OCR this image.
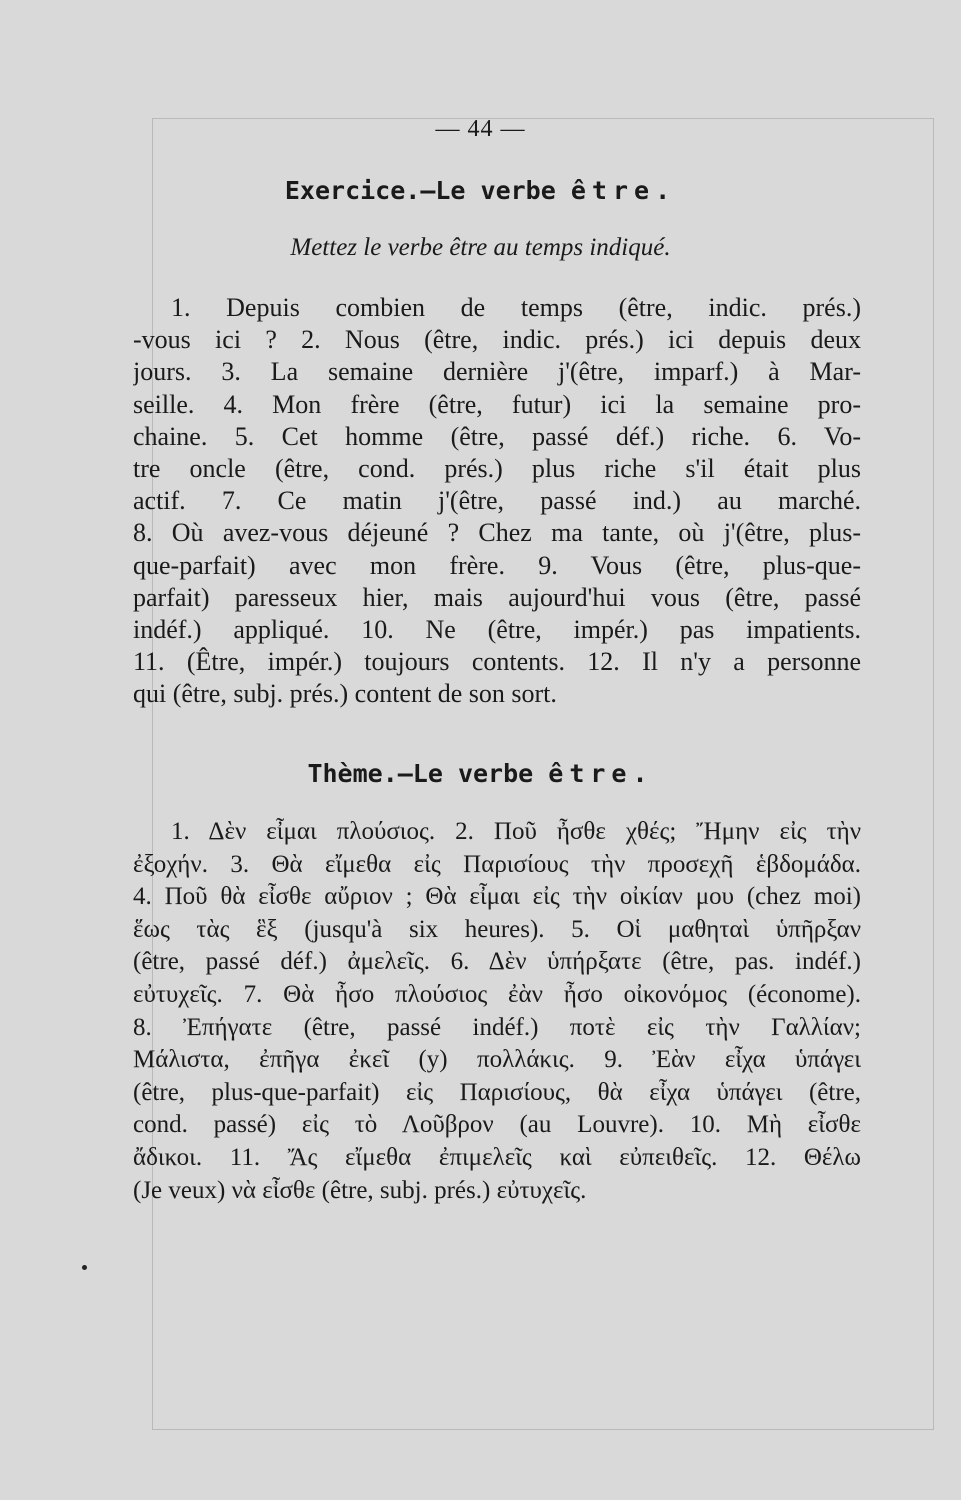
— 44 —
Exercice.—Le verbe être.
Mettez le verbe être au temps indiqué.
1. Depuis combien de temps (être, indic. prés.)
-vous ici ? 2. Nous (être, indic. prés.) ici depuis deux
jours. 3. La semaine dernière j'(être, imparf.) à Mar-
seille. 4. Mon frère (être, futur) ici la semaine pro-
chaine. 5. Cet homme (être, passé déf.) riche. 6. Vo-
tre oncle (être, cond. prés.) plus riche s'il était plus
actif. 7. Ce matin j'(être, passé ind.) au marché.
8. Où avez-vous déjeuné ? Chez ma tante, où j'(être, plus-
que-parfait) avec mon frère. 9. Vous (être, plus-que-
parfait) paresseux hier, mais aujourd'hui vous (être, passé
indéf.) appliqué. 10. Ne (être, impér.) pas impatients.
11. (Être, impér.) toujours contents. 12. Il n'y a personne
qui (être, subj. prés.) content de son sort.
Thème.—Le verbe être.
1. Δὲν εἶμαι πλούσιος. 2. Ποῦ ἦσθε χθές; Ἤμην εἰς τὴν
ἐξοχήν. 3. Θὰ εἴμεθα εἰς Παρισίους τὴν προσεχῆ ἑβδομάδα.
4. Ποῦ θὰ εἶσθε αὔριον ; Θὰ εἶμαι εἰς τὴν οἰκίαν μου (chez moi)
ἕως τὰς ἓξ (jusqu'à six heures). 5. Οἱ μαθηταὶ ὑπῆρξαν
(être, passé déf.) ἀμελεῖς. 6. Δὲν ὑπήρξατε (être, pas. indéf.)
εὐτυχεῖς. 7. Θὰ ἦσο πλούσιος ἐὰν ἦσο οἰκονόμος (économe).
8. Ἐπήγατε (être, passé indéf.) ποτὲ εἰς τὴν Γαλλίαν;
Μάλιστα, ἐπῆγα ἐκεῖ (y) πολλάκις. 9. Ἐὰν εἶχα ὑπάγει
(être, plus-que-parfait) εἰς Παρισίους, θὰ εἶχα ὑπάγει (être,
cond. passé) εἰς τὸ Λοῦβρον (au Louvre). 10. Μὴ εἶσθε
ἄδικοι. 11. Ἄς εἴμεθα ἐπιμελεῖς καὶ εὐπειθεῖς. 12. Θέλω
(Je veux) νὰ εἶσθε (être, subj. prés.) εὐτυχεῖς.
